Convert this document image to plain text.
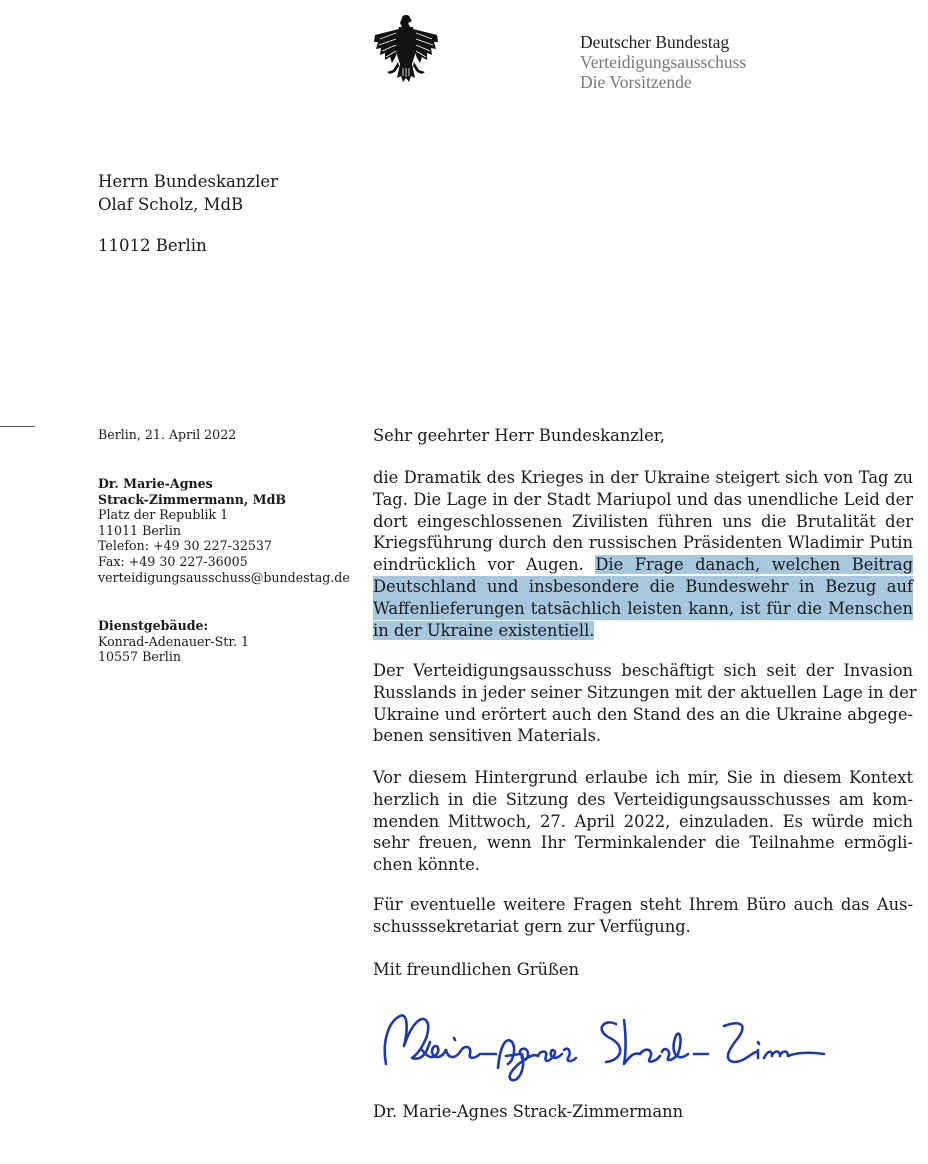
Deutscher Bundestag
Verteidigungsausschuss
Die Vorsitzende
Herrn Bundeskanzler
Olaf Scholz, MdB
11012 Berlin
Berlin, 21. April 2022
Dr. Marie-Agnes
Strack-Zimmermann, MdB
Platz der Republik 1
11011 Berlin
Telefon: +49 30 227-32537
Fax: +49 30 227-36005
verteidigungsausschuss@bundestag.de
Dienstgebäude:
Konrad-Adenauer-Str. 1
10557 Berlin
Sehr geehrter Herr Bundeskanzler,
die Dramatik des Krieges in der Ukraine steigert sich von Tag zu
Tag. Die Lage in der Stadt Mariupol und das unendliche Leid der
dort eingeschlossenen Zivilisten führen uns die Brutalität der
Kriegsführung durch den russischen Präsidenten Wladimir Putin
eindrücklich vor Augen. Die Frage danach, welchen Beitrag
Deutschland und insbesondere die Bundeswehr in Bezug auf
Waffenlieferungen tatsächlich leisten kann, ist für die Menschen
in der Ukraine existentiell.
Der Verteidigungsausschuss beschäftigt sich seit der Invasion
Russlands in jeder seiner Sitzungen mit der aktuellen Lage in der
Ukraine und erörtert auch den Stand des an die Ukraine abgege-
benen sensitiven Materials.
Vor diesem Hintergrund erlaube ich mir, Sie in diesem Kontext
herzlich in die Sitzung des Verteidigungsausschusses am kom-
menden Mittwoch, 27. April 2022, einzuladen. Es würde mich
sehr freuen, wenn Ihr Terminkalender die Teilnahme ermögli-
chen könnte.
Für eventuelle weitere Fragen steht Ihrem Büro auch das Aus-
schusssekretariat gern zur Verfügung.
Mit freundlichen Grüßen
Dr. Marie-Agnes Strack-Zimmermann
